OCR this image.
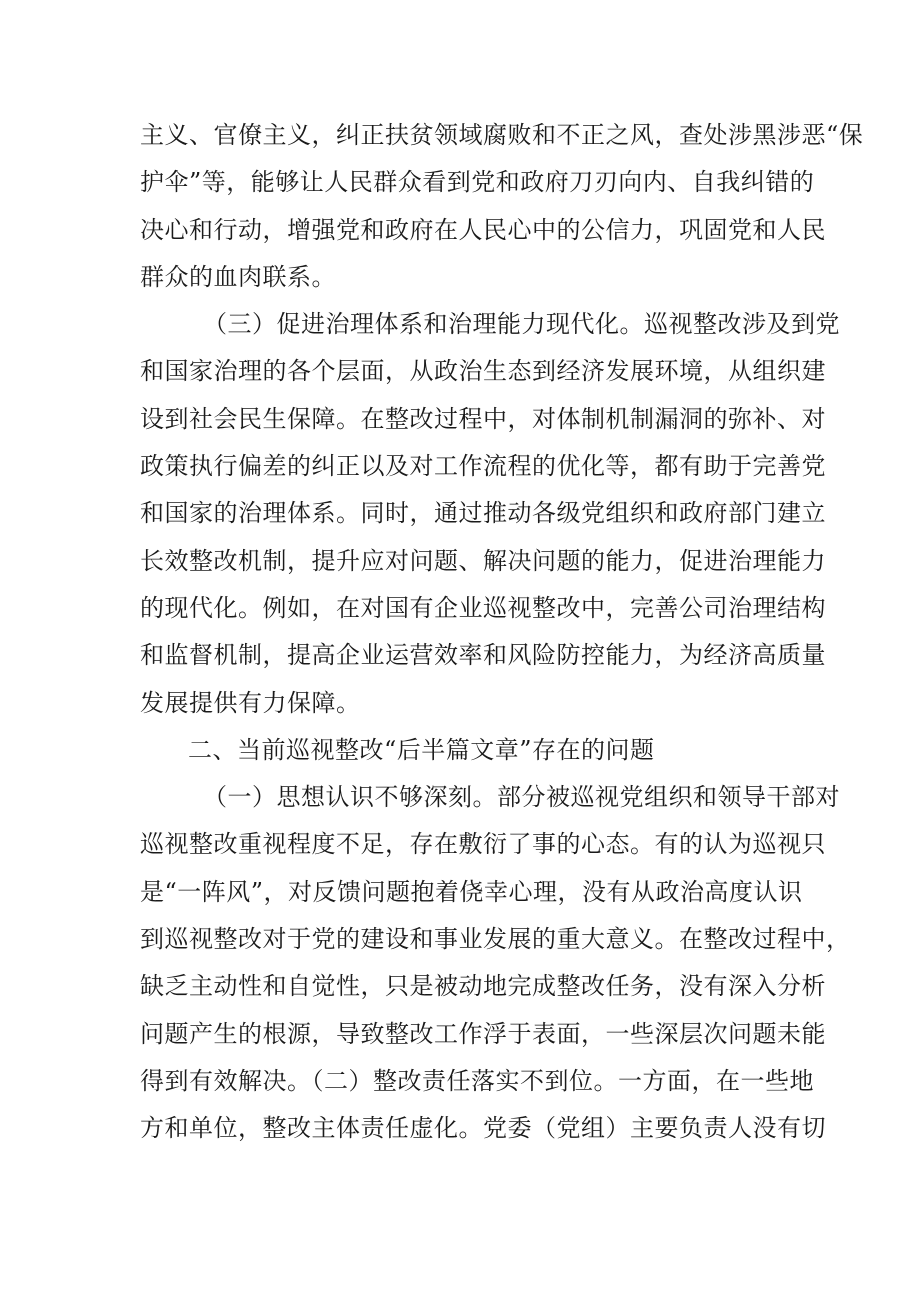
主义、官僚主义，纠正扶贫领域腐败和不正之风，查处涉黑涉恶“保
护伞”等，能够让人民群众看到党和政府刀刃向内、自我纠错的
决心和行动，增强党和政府在人民心中的公信力，巩固党和人民
群众的血肉联系。
（三）促进治理体系和治理能力现代化。巡视整改涉及到党
和国家治理的各个层面，从政治生态到经济发展环境，从组织建
设到社会民生保障。在整改过程中，对体制机制漏洞的弥补、对
政策执行偏差的纠正以及对工作流程的优化等，都有助于完善党
和国家的治理体系。同时，通过推动各级党组织和政府部门建立
长效整改机制，提升应对问题、解决问题的能力，促进治理能力
的现代化。例如，在对国有企业巡视整改中，完善公司治理结构
和监督机制，提高企业运营效率和风险防控能力，为经济高质量
发展提供有力保障。
二、当前巡视整改“后半篇文章”存在的问题
（一）思想认识不够深刻。部分被巡视党组织和领导干部对
巡视整改重视程度不足，存在敷衍了事的心态。有的认为巡视只
是“一阵风”，对反馈问题抱着侥幸心理，没有从政治高度认识
到巡视整改对于党的建设和事业发展的重大意义。在整改过程中，
缺乏主动性和自觉性，只是被动地完成整改任务，没有深入分析
问题产生的根源，导致整改工作浮于表面，一些深层次问题未能
得到有效解决。（二）整改责任落实不到位。一方面，在一些地
方和单位，整改主体责任虚化。党委（党组）主要负责人没有切
